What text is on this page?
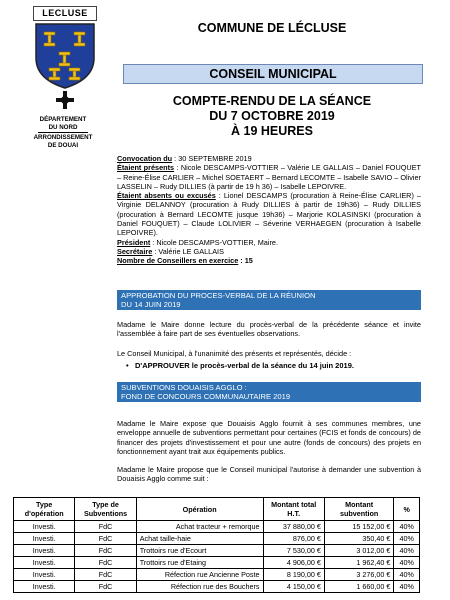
LECLUSE
DÉPARTEMENT
DU NORD
ARRONDISSEMENT
DE DOUAI
COMMUNE DE LÉCLUSE
CONSEIL MUNICIPAL
COMPTE-RENDU DE LA SÉANCE
DU 7 OCTOBRE 2019
À 19 HEURES
Convocation du : 30 SEPTEMBRE 2019
Étaient présents : Nicole DESCAMPS-VOTTIER – Valérie LE GALLAIS – Daniel FOUQUET – Reine-Élise CARLIER – Michel SOETAERT – Bernard LECOMTE – Isabelle SAVIO – Olivier LASSELIN – Rudy DILLIES (à partir de 19 h 36) – Isabelle LEPOIVRE.
Étaient absents ou excusés : Lionel DESCAMPS (procuration à Reine-Élise CARLIER) – Virginie DELANNOY (procuration à Rudy DILLIES à partir de 19h36) – Rudy DILLIES (procuration à Bernard LECOMTE jusque 19h36) – Marjorie KOLASINSKI (procuration à Daniel FOUQUET) – Claude LOLIVIER – Séverine VERHAEGEN (procuration à Isabelle LEPOIVRE).
Président : Nicole DESCAMPS-VOTTIER, Maire.
Secrétaire : Valérie LE GALLAIS
Nombre de Conseillers en exercice : 15
APPROBATION DU PROCES-VERBAL DE LA RÉUNION
DU 14 JUIN 2019
Madame le Maire donne lecture du procès-verbal de la précédente séance et invite l'assemblée à faire part de ses éventuelles observations.
Le Conseil Municipal, à l'unanimité des présents et représentés, décide :
• D'APPROUVER le procès-verbal de la séance du 14 juin 2019.
SUBVENTIONS DOUAISIS AGGLO :
FOND DE CONCOURS COMMUNAUTAIRE 2019
Madame le Maire expose que Douaisis Agglo fournit à ses communes membres, une enveloppe annuelle de subventions permettant pour certaines (FCIS et fonds de concours) de financer des projets d'investissement et pour une autre (fonds de concours) des projets en fonctionnement ayant trait aux équipements publics.
Madame le Maire propose que le Conseil municipal l'autorise à demander une subvention à Douaisis Agglo comme suit :
Type d'opération	Type de Subventions	Opération	Montant total H.T.	Montant subvention	%
Investi.	FdC	Achat tracteur + remorque	37 880,00 €	15 152,00 €	40%
Investi.	FdC	Achat taille-haie	876,00 €	350,40 €	40%
Investi.	FdC	Trottoirs rue d'Ecourt	7 530,00 €	3 012,00 €	40%
Investi.	FdC	Trottoirs rue d'Etaing	4 906,00 €	1 962,40 €	40%
Investi.	FdC	Réfection rue Ancienne Poste	8 190,00 €	3 276,00 €	40%
Investi.	FdC	Réfection rue des Bouchers	4 150,00 €	1 660,00 €	40%
